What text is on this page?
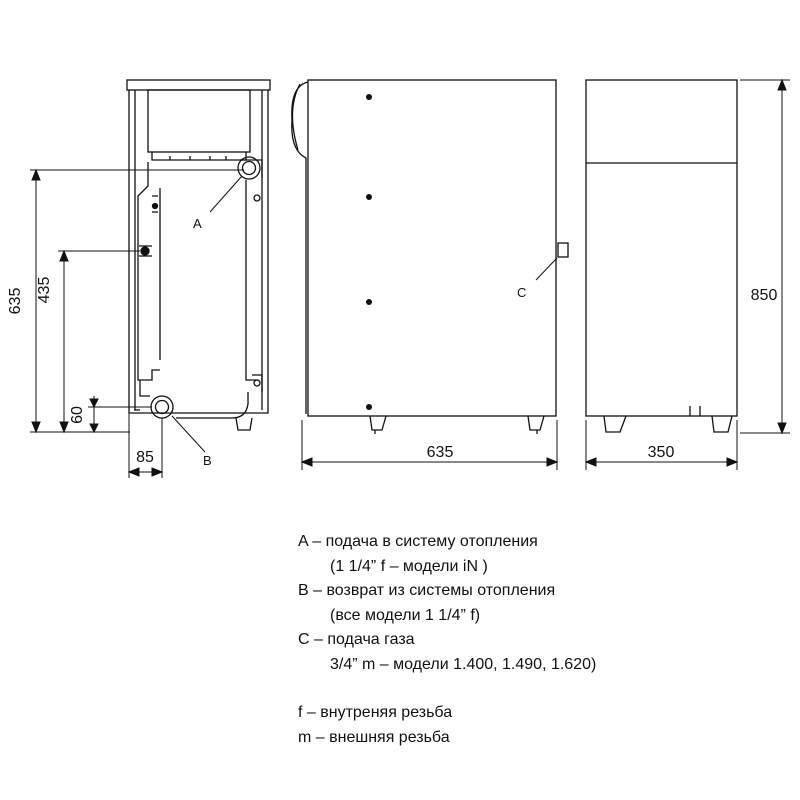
635 435
60
85
A
B
C
635
850
350
A – подача в систему отопления
(1 1/4” f – модели iN )
B – возврат из системы отопления
(все модели 1 1/4” f)
C – подача газа
3/4” m – модели 1.400, 1.490, 1.620)
f – внутреняя резьба
m – внешняя резьба
